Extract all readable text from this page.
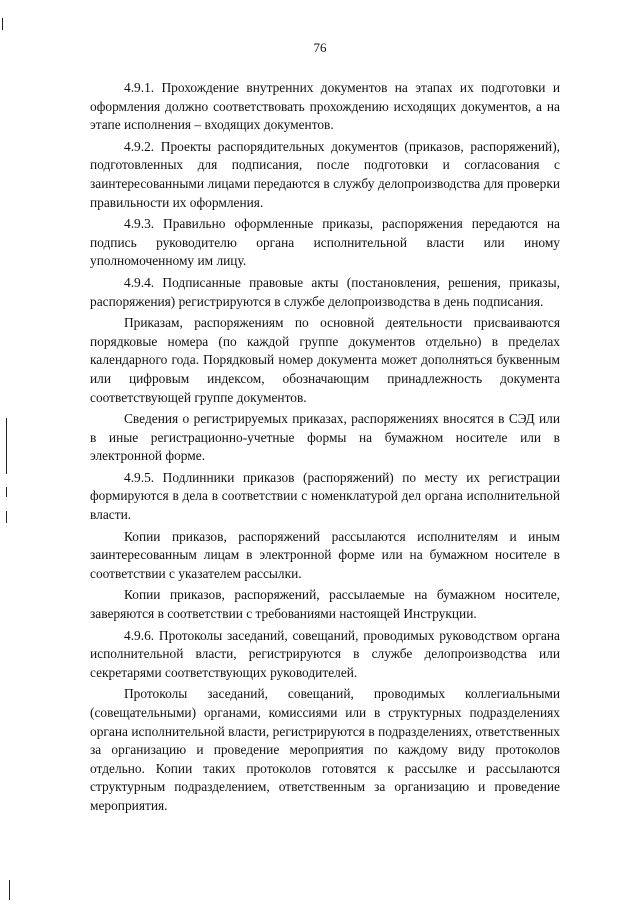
76

4.9.1. Прохождение внутренних документов на этапах их подготовки и оформления должно соответствовать прохождению исходящих документов, а на этапе исполнения – входящих документов.

4.9.2. Проекты распорядительных документов (приказов, распоряжений), подготовленных для подписания, после подготовки и согласования с заинтересованными лицами передаются в службу делопроизводства для проверки правильности их оформления.

4.9.3. Правильно оформленные приказы, распоряжения передаются на подпись руководителю органа исполнительной власти или иному уполномоченному им лицу.

4.9.4. Подписанные правовые акты (постановления, решения, приказы, распоряжения) регистрируются в службе делопроизводства в день подписания.

Приказам, распоряжениям по основной деятельности присваиваются порядковые номера (по каждой группе документов отдельно) в пределах календарного года. Порядковый номер документа может дополняться буквенным или цифровым индексом, обозначающим принадлежность документа соответствующей группе документов.

Сведения о регистрируемых приказах, распоряжениях вносятся в СЭД или в иные регистрационно-учетные формы на бумажном носителе или в электронной форме.

4.9.5. Подлинники приказов (распоряжений) по месту их регистрации формируются в дела в соответствии с номенклатурой дел органа исполнительной власти.

Копии приказов, распоряжений рассылаются исполнителям и иным заинтересованным лицам в электронной форме или на бумажном носителе в соответствии с указателем рассылки.

Копии приказов, распоряжений, рассылаемые на бумажном носителе, заверяются в соответствии с требованиями настоящей Инструкции.

4.9.6. Протоколы заседаний, совещаний, проводимых руководством органа исполнительной власти, регистрируются в службе делопроизводства или секретарями соответствующих руководителей.

Протоколы заседаний, совещаний, проводимых коллегиальными (совещательными) органами, комиссиями или в структурных подразделениях органа исполнительной власти, регистрируются в подразделениях, ответственных за организацию и проведение мероприятия по каждому виду протоколов отдельно. Копии таких протоколов готовятся к рассылке и рассылаются структурным подразделением, ответственным за организацию и проведение мероприятия.
